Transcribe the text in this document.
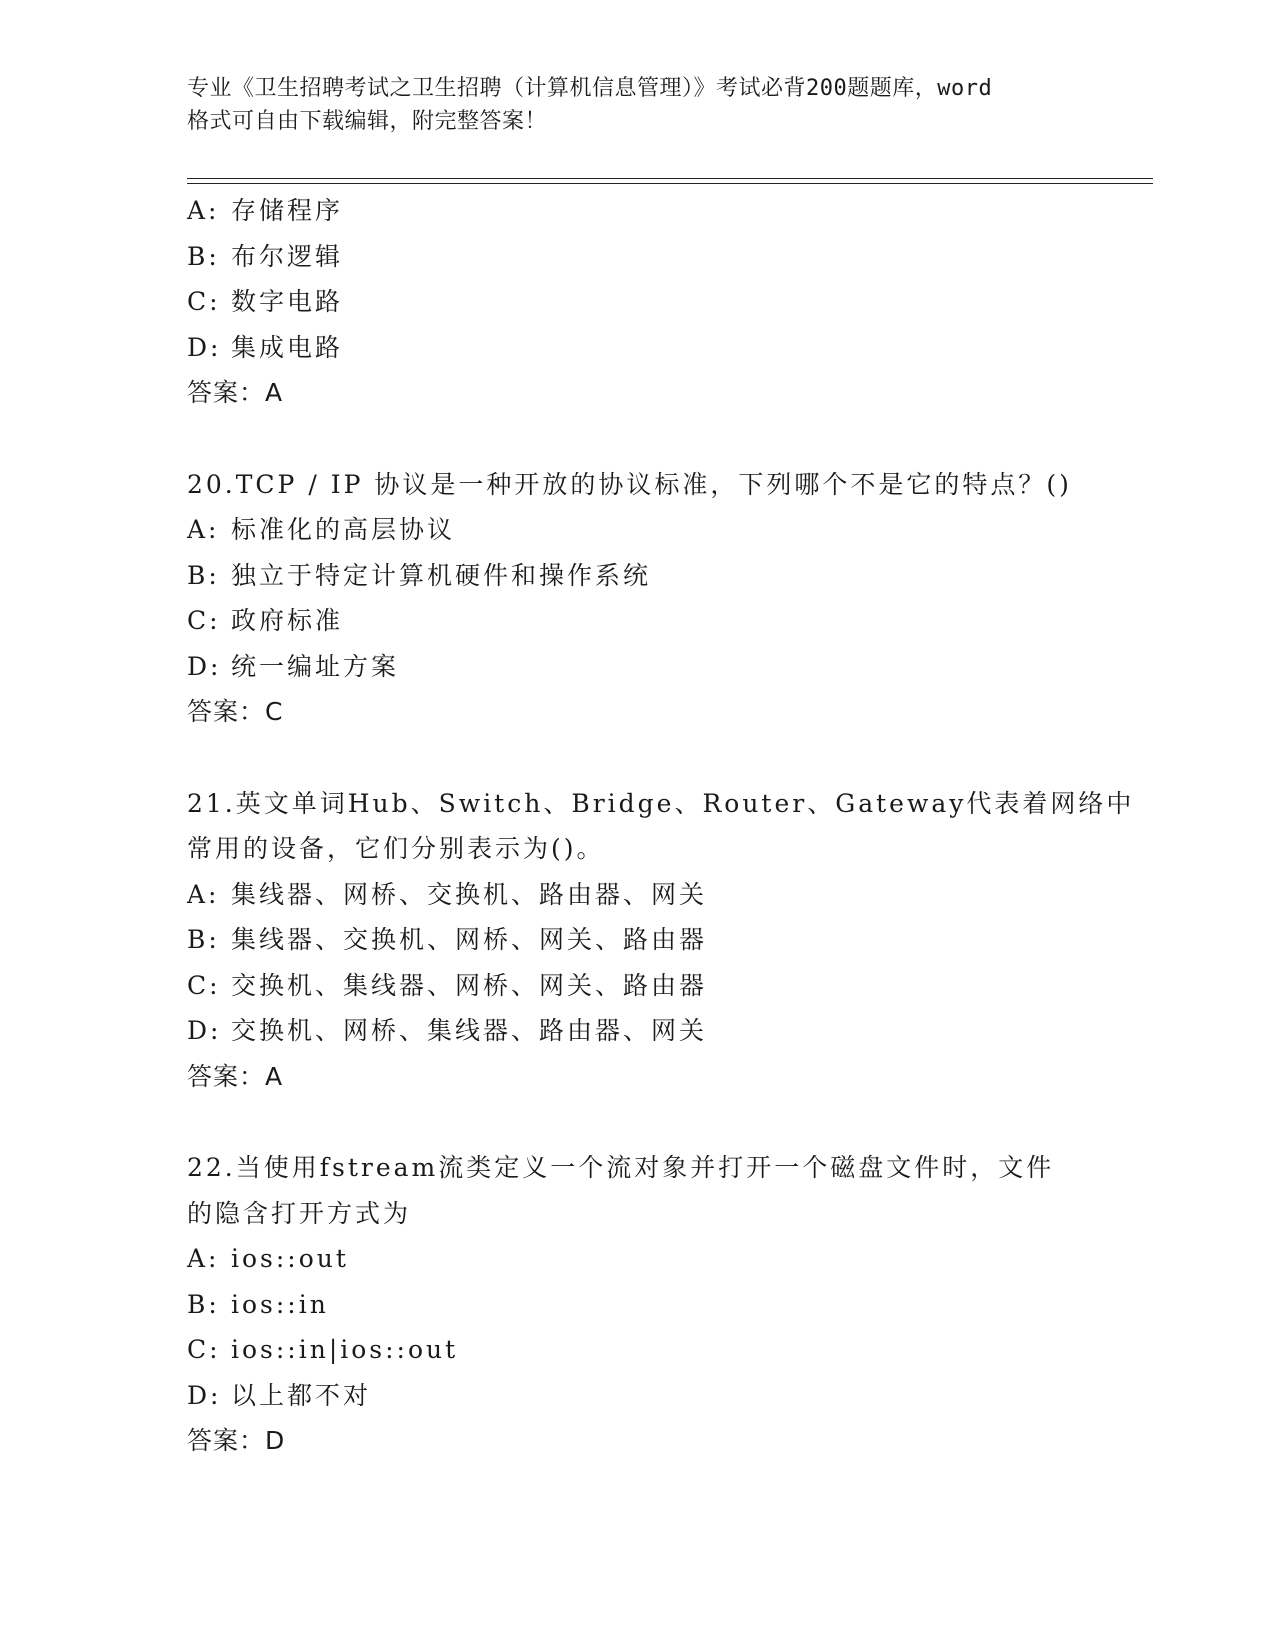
专业《卫生招聘考试之卫生招聘（计算机信息管理）》考试必背200题题库，word
格式可自由下载编辑，附完整答案！
A: 存储程序
B: 布尔逻辑
C: 数字电路
D: 集成电路
答案：A
20.TCP / IP 协议是一种开放的协议标准，下列哪个不是它的特点？()
A: 标准化的高层协议
B: 独立于特定计算机硬件和操作系统
C: 政府标准
D: 统一编址方案
答案：C
21.英文单词Hub、Switch、Bridge、Router、Gateway代表着网络中
常用的设备，它们分别表示为()。
A: 集线器、网桥、交换机、路由器、网关
B: 集线器、交换机、网桥、网关、路由器
C: 交换机、集线器、网桥、网关、路由器
D: 交换机、网桥、集线器、路由器、网关
答案：A
22.当使用fstream流类定义一个流对象并打开一个磁盘文件时，文件
的隐含打开方式为
A: ios::out
B: ios::in
C: ios::in|ios::out
D: 以上都不对
答案：D
